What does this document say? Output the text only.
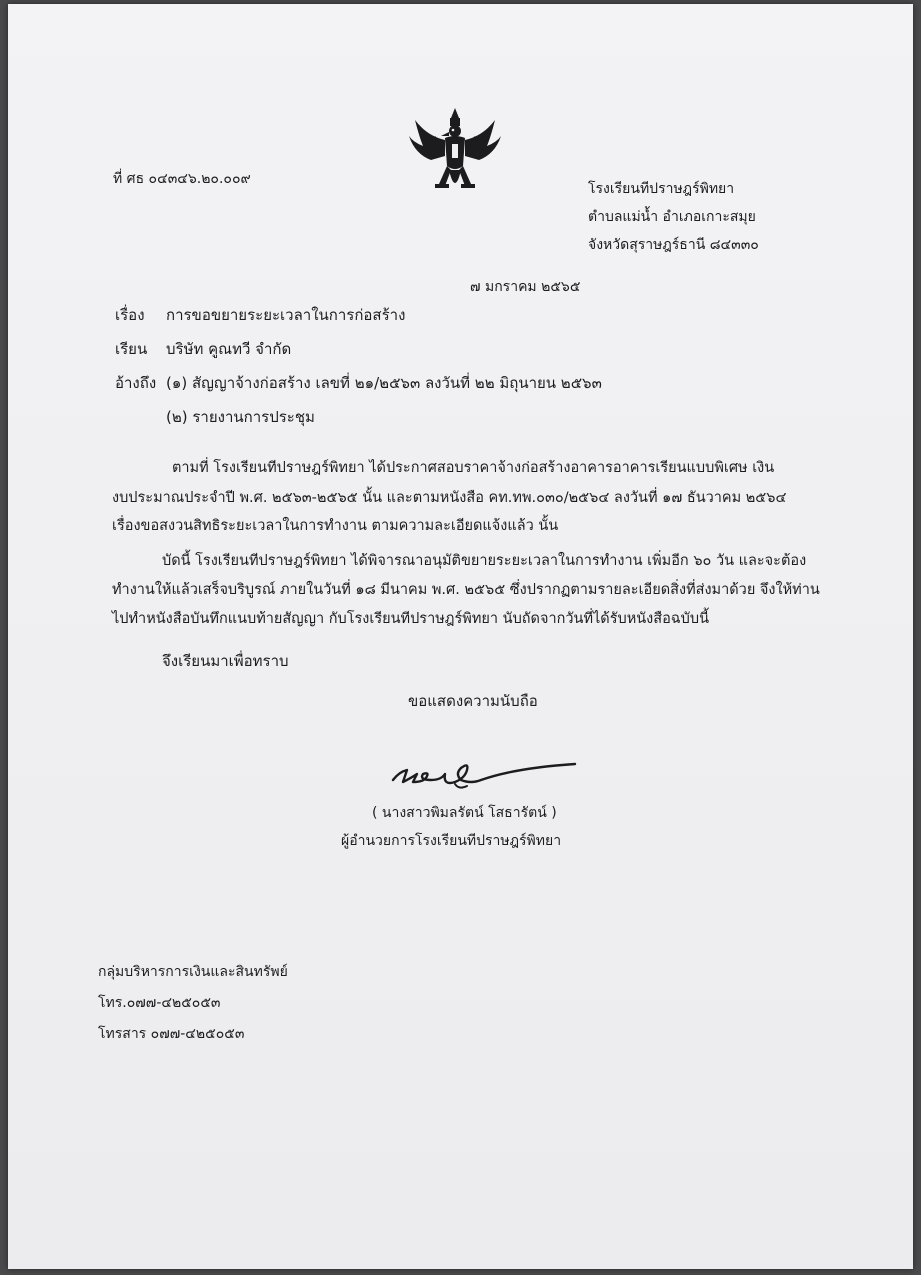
ที่ ศธ ๐๔๓๔๖.๒๐.๐๐๙
โรงเรียนทีปราษฎร์พิทยา
ตำบลแม่น้ำ อำเภอเกาะสมุย
จังหวัดสุราษฎร์ธานี ๘๔๓๓๐
๗ มกราคม ๒๕๖๕
เรื่อง การขอขยายระยะเวลาในการก่อสร้าง
เรียน บริษัท คูณทวี จำกัด
อ้างถึง (๑) สัญญาจ้างก่อสร้าง เลขที่ ๒๑/๒๕๖๓ ลงวันที่ ๒๒ มิถุนายน ๒๕๖๓
(๒) รายงานการประชุม
ตามที่ โรงเรียนทีปราษฎร์พิทยา ได้ประกาศสอบราคาจ้างก่อสร้างอาคารอาคารเรียนแบบพิเศษ เงิน
งบประมาณประจำปี พ.ศ. ๒๕๖๓-๒๕๖๕ นั้น และตามหนังสือ คท.ทพ.๐๓๐/๒๕๖๔ ลงวันที่ ๑๗ ธันวาคม ๒๕๖๔
เรื่องขอสงวนสิทธิระยะเวลาในการทำงาน ตามความละเอียดแจ้งแล้ว นั้น
บัดนี้ โรงเรียนทีปราษฎร์พิทยา ได้พิจารณาอนุมัติขยายระยะเวลาในการทำงาน เพิ่มอีก ๖๐ วัน และจะต้อง
ทำงานให้แล้วเสร็จบริบูรณ์ ภายในวันที่ ๑๘ มีนาคม พ.ศ. ๒๕๖๕ ซึ่งปรากฏตามรายละเอียดสิ่งที่ส่งมาด้วย จึงให้ท่าน
ไปทำหนังสือบันทึกแนบท้ายสัญญา กับโรงเรียนทีปราษฎร์พิทยา นับถัดจากวันที่ได้รับหนังสือฉบับนี้
จึงเรียนมาเพื่อทราบ
ขอแสดงความนับถือ
( นางสาวพิมลรัตน์ โสธารัตน์ )
ผู้อำนวยการโรงเรียนทีปราษฎร์พิทยา
กลุ่มบริหารการเงินและสินทรัพย์
โทร.๐๗๗-๔๒๕๐๕๓
โทรสาร ๐๗๗-๔๒๕๐๕๓
